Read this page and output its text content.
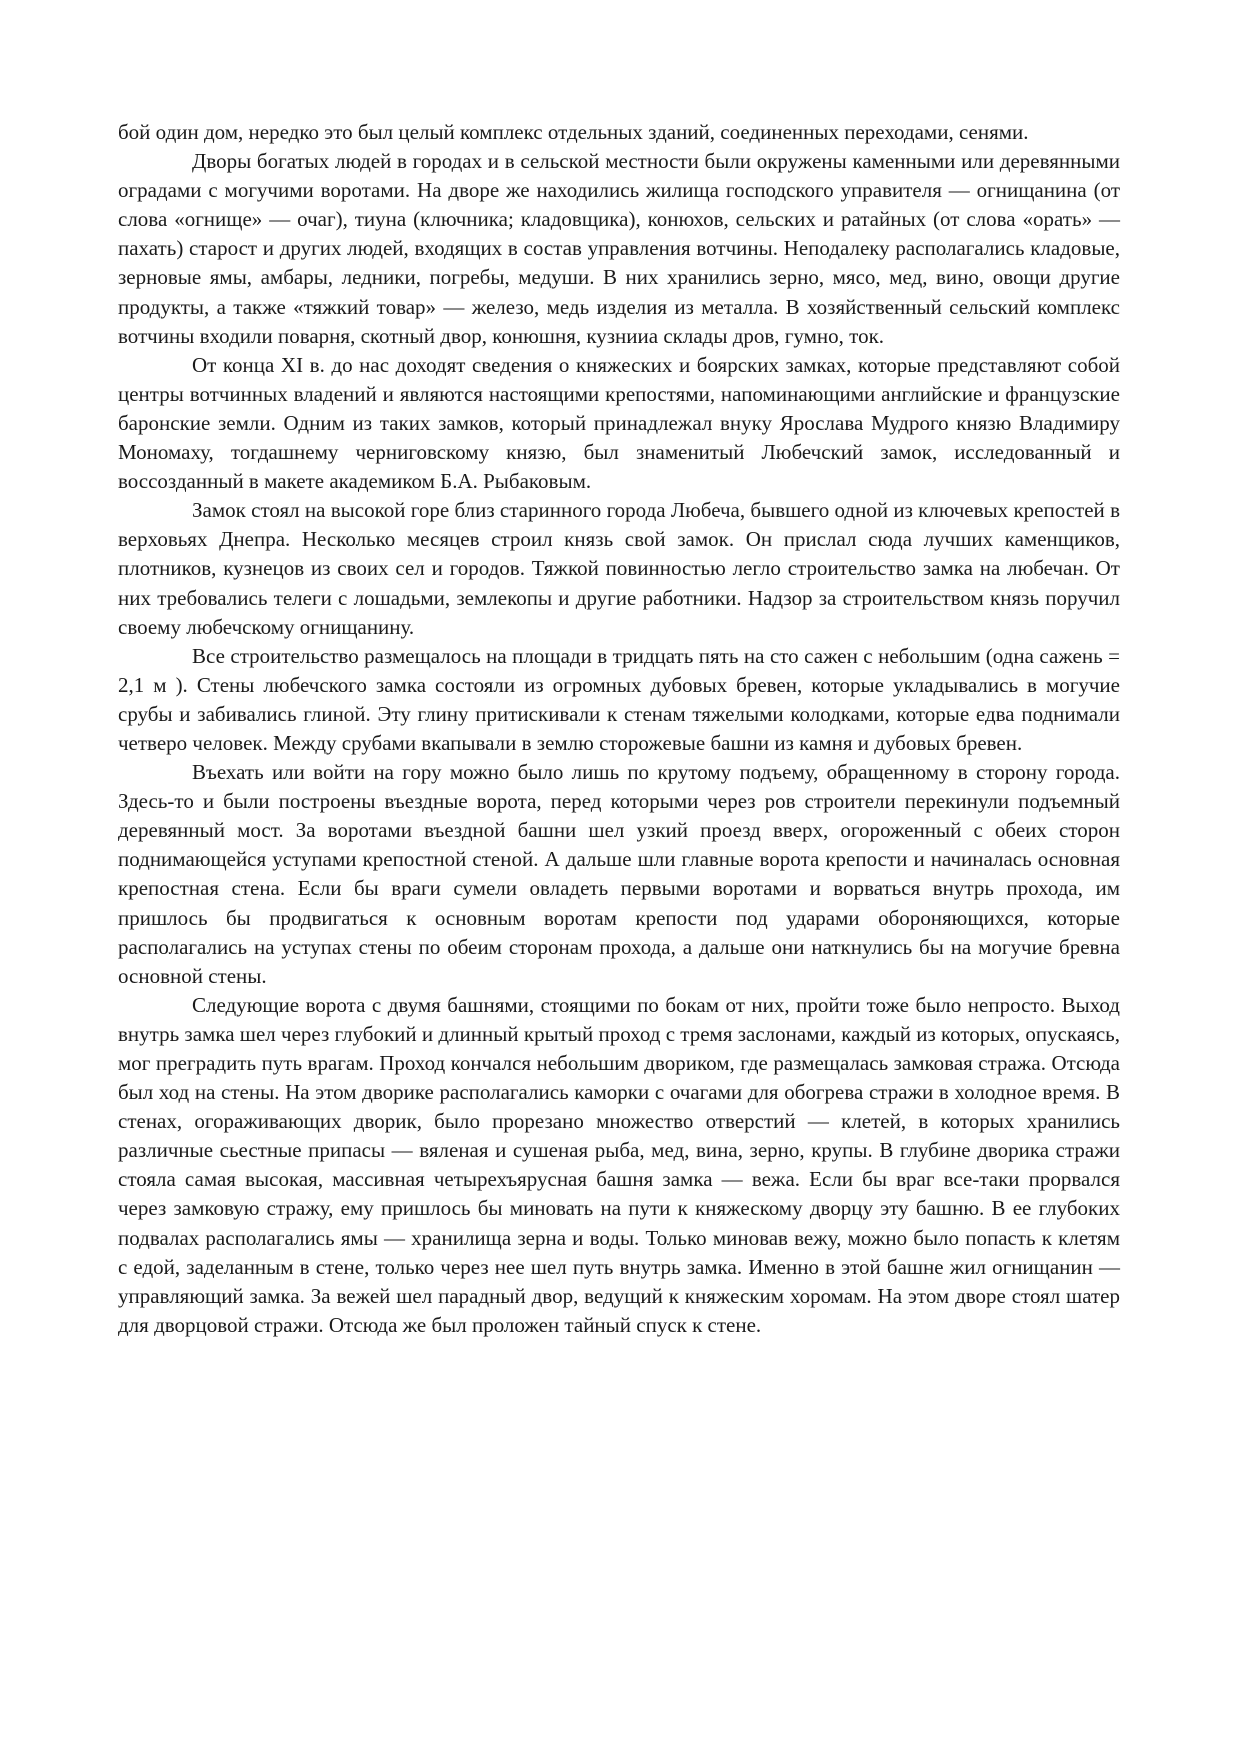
бой один дом, нередко это был целый комплекс отдельных зданий, соединенных переходами, сенями.

Дворы богатых людей в городах и в сельской местности были окружены каменными или деревянными оградами с могучими воротами. На дворе же находились жилища господского управителя — огнищанина (от слова «огнище» — очаг), тиуна (ключника; кладовщика), конюхов, сельских и ратайных (от слова «орать» — пахать) старост и других людей, входящих в состав управления вотчины. Неподалеку располагались кладовые, зерновые ямы, амбары, ледники, погребы, медуши. В них хранились зерно, мясо, мед, вино, овощи другие продукты, а также «тяжкий товар» — железо, медь изделия из металла. В хозяйственный сельский комплекс вотчины входили поварня, скотный двор, конюшня, кузнииа склады дров, гумно, ток.

От конца XI в. до нас доходят сведения о княжеских и боярских замках, которые представляют собой центры вотчинных владений и являются настоящими крепостями, напоминающими английские и французские баронские земли. Одним из таких замков, который принадлежал внуку Ярослава Мудрого князю Владимиру Мономаху, тогдашнему черниговскому князю, был знаменитый Любечский замок, исследованный и воссозданный в макете академиком Б.А. Рыбаковым.

Замок стоял на высокой горе близ старинного города Любеча, бывшего одной из ключевых крепостей в верховьях Днепра. Несколько месяцев строил князь свой замок. Он прислал сюда лучших каменщиков, плотников, кузнецов из своих сел и городов. Тяжкой повинностью легло строительство замка на любечан. От них требовались телеги с лошадьми, землекопы и другие работники. Надзор за строительством князь поручил своему любечскому огнищанину.

Все строительство размещалось на площади в тридцать пять на сто сажен с небольшим (одна сажень = 2,1 м ). Стены любечского замка состояли из огромных дубовых бревен, которые укладывались в могучие срубы и забивались глиной. Эту глину притискивали к стенам тяжелыми колодками, которые едва поднимали четверо человек. Между срубами вкапывали в землю сторожевые башни из камня и дубовых бревен.

Въехать или войти на гору можно было лишь по крутому подъему, обращенному в сторону города. Здесь-то и были построены въездные ворота, перед которыми через ров строители перекинули подъемный деревянный мост. За воротами въездной башни шел узкий проезд вверх, огороженный с обеих сторон поднимающейся уступами крепостной стеной. А дальше шли главные ворота крепости и начиналась основная крепостная стена. Если бы враги сумели овладеть первыми воротами и ворваться внутрь прохода, им пришлось бы продвигаться к основным воротам крепости под ударами обороняющихся, которые располагались на уступах стены по обеим сторонам прохода, а дальше они наткнулись бы на могучие бревна основной стены.

Следующие ворота с двумя башнями, стоящими по бокам от них, пройти тоже было непросто. Выход внутрь замка шел через глубокий и длинный крытый проход с тремя заслонами, каждый из которых, опускаясь, мог преградить путь врагам. Проход кончался небольшим двориком, где размещалась замковая стража. Отсюда был ход на стены. На этом дворике располагались каморки с очагами для обогрева стражи в холодное время. В стенах, огораживающих дворик, было прорезано множество отверстий — клетей, в которых хранились различные сьестные припасы — вяленая и сушеная рыба, мед, вина, зерно, крупы. В глубине дворика стражи стояла самая высокая, массивная четырехъярусная башня замка — вежа. Если бы враг все-таки прорвался через замковую стражу, ему пришлось бы миновать на пути к княжескому дворцу эту башню. В ее глубоких подвалах располагались ямы — хранилища зерна и воды. Только миновав вежу, можно было попасть к клетям с едой, заделанным в стене, только через нее шел путь внутрь замка. Именно в этой башне жил огнищанин — управляющий замка. За вежей шел парадный двор, ведущий к княжеским хоромам. На этом дворе стоял шатер для дворцовой стражи. Отсюда же был проложен тайный спуск к стене.
